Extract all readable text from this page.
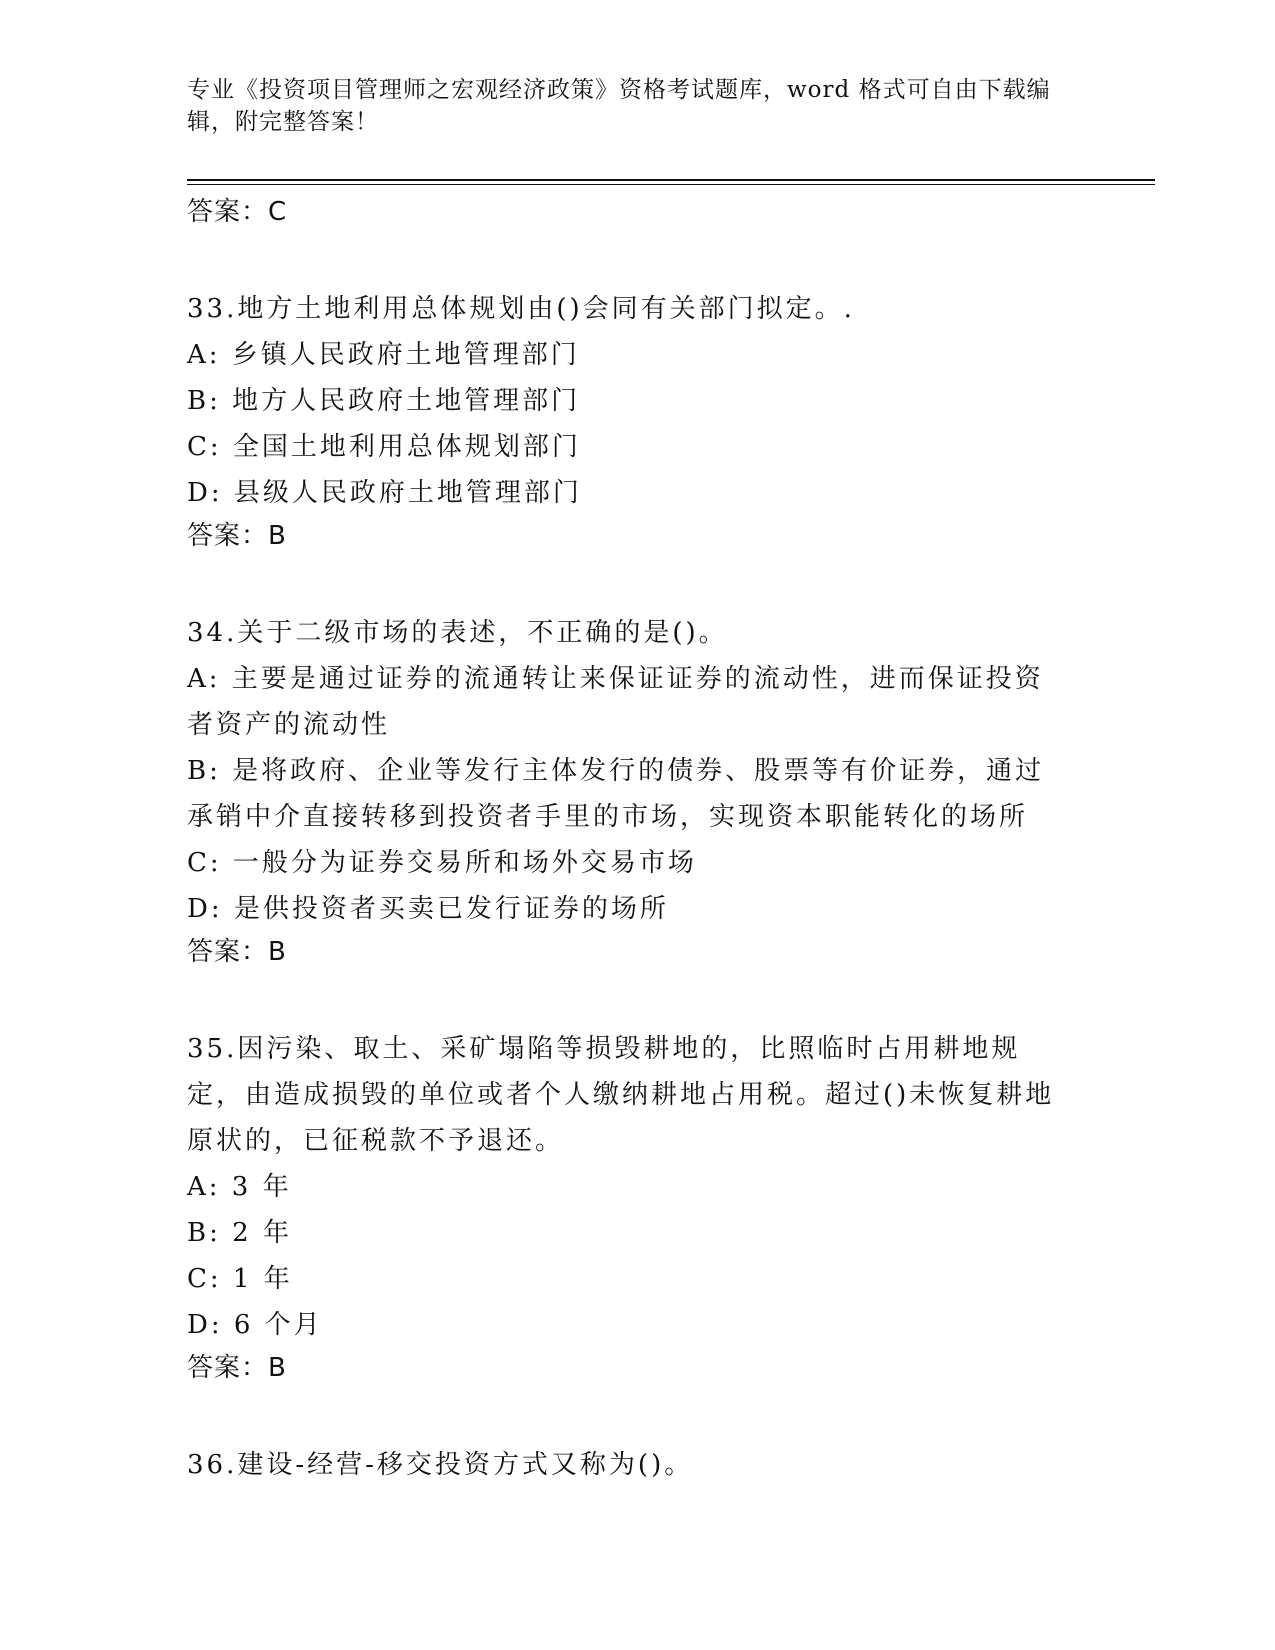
专业《投资项目管理师之宏观经济政策》资格考试题库，word 格式可自由下载编辑，附完整答案！
答案：C
33.地方土地利用总体规划由()会同有关部门拟定。.
A: 乡镇人民政府土地管理部门
B: 地方人民政府土地管理部门
C: 全国土地利用总体规划部门
D: 县级人民政府土地管理部门
答案：B
34.关于二级市场的表述，不正确的是()。
A: 主要是通过证券的流通转让来保证证券的流动性，进而保证投资者资产的流动性
B: 是将政府、企业等发行主体发行的债券、股票等有价证券，通过承销中介直接转移到投资者手里的市场，实现资本职能转化的场所
C: 一般分为证券交易所和场外交易市场
D: 是供投资者买卖已发行证券的场所
答案：B
35.因污染、取土、采矿塌陷等损毁耕地的，比照临时占用耕地规定，由造成损毁的单位或者个人缴纳耕地占用税。超过()未恢复耕地原状的，已征税款不予退还。
A: 3 年
B: 2 年
C: 1 年
D: 6 个月
答案：B
36.建设-经营-移交投资方式又称为()。
